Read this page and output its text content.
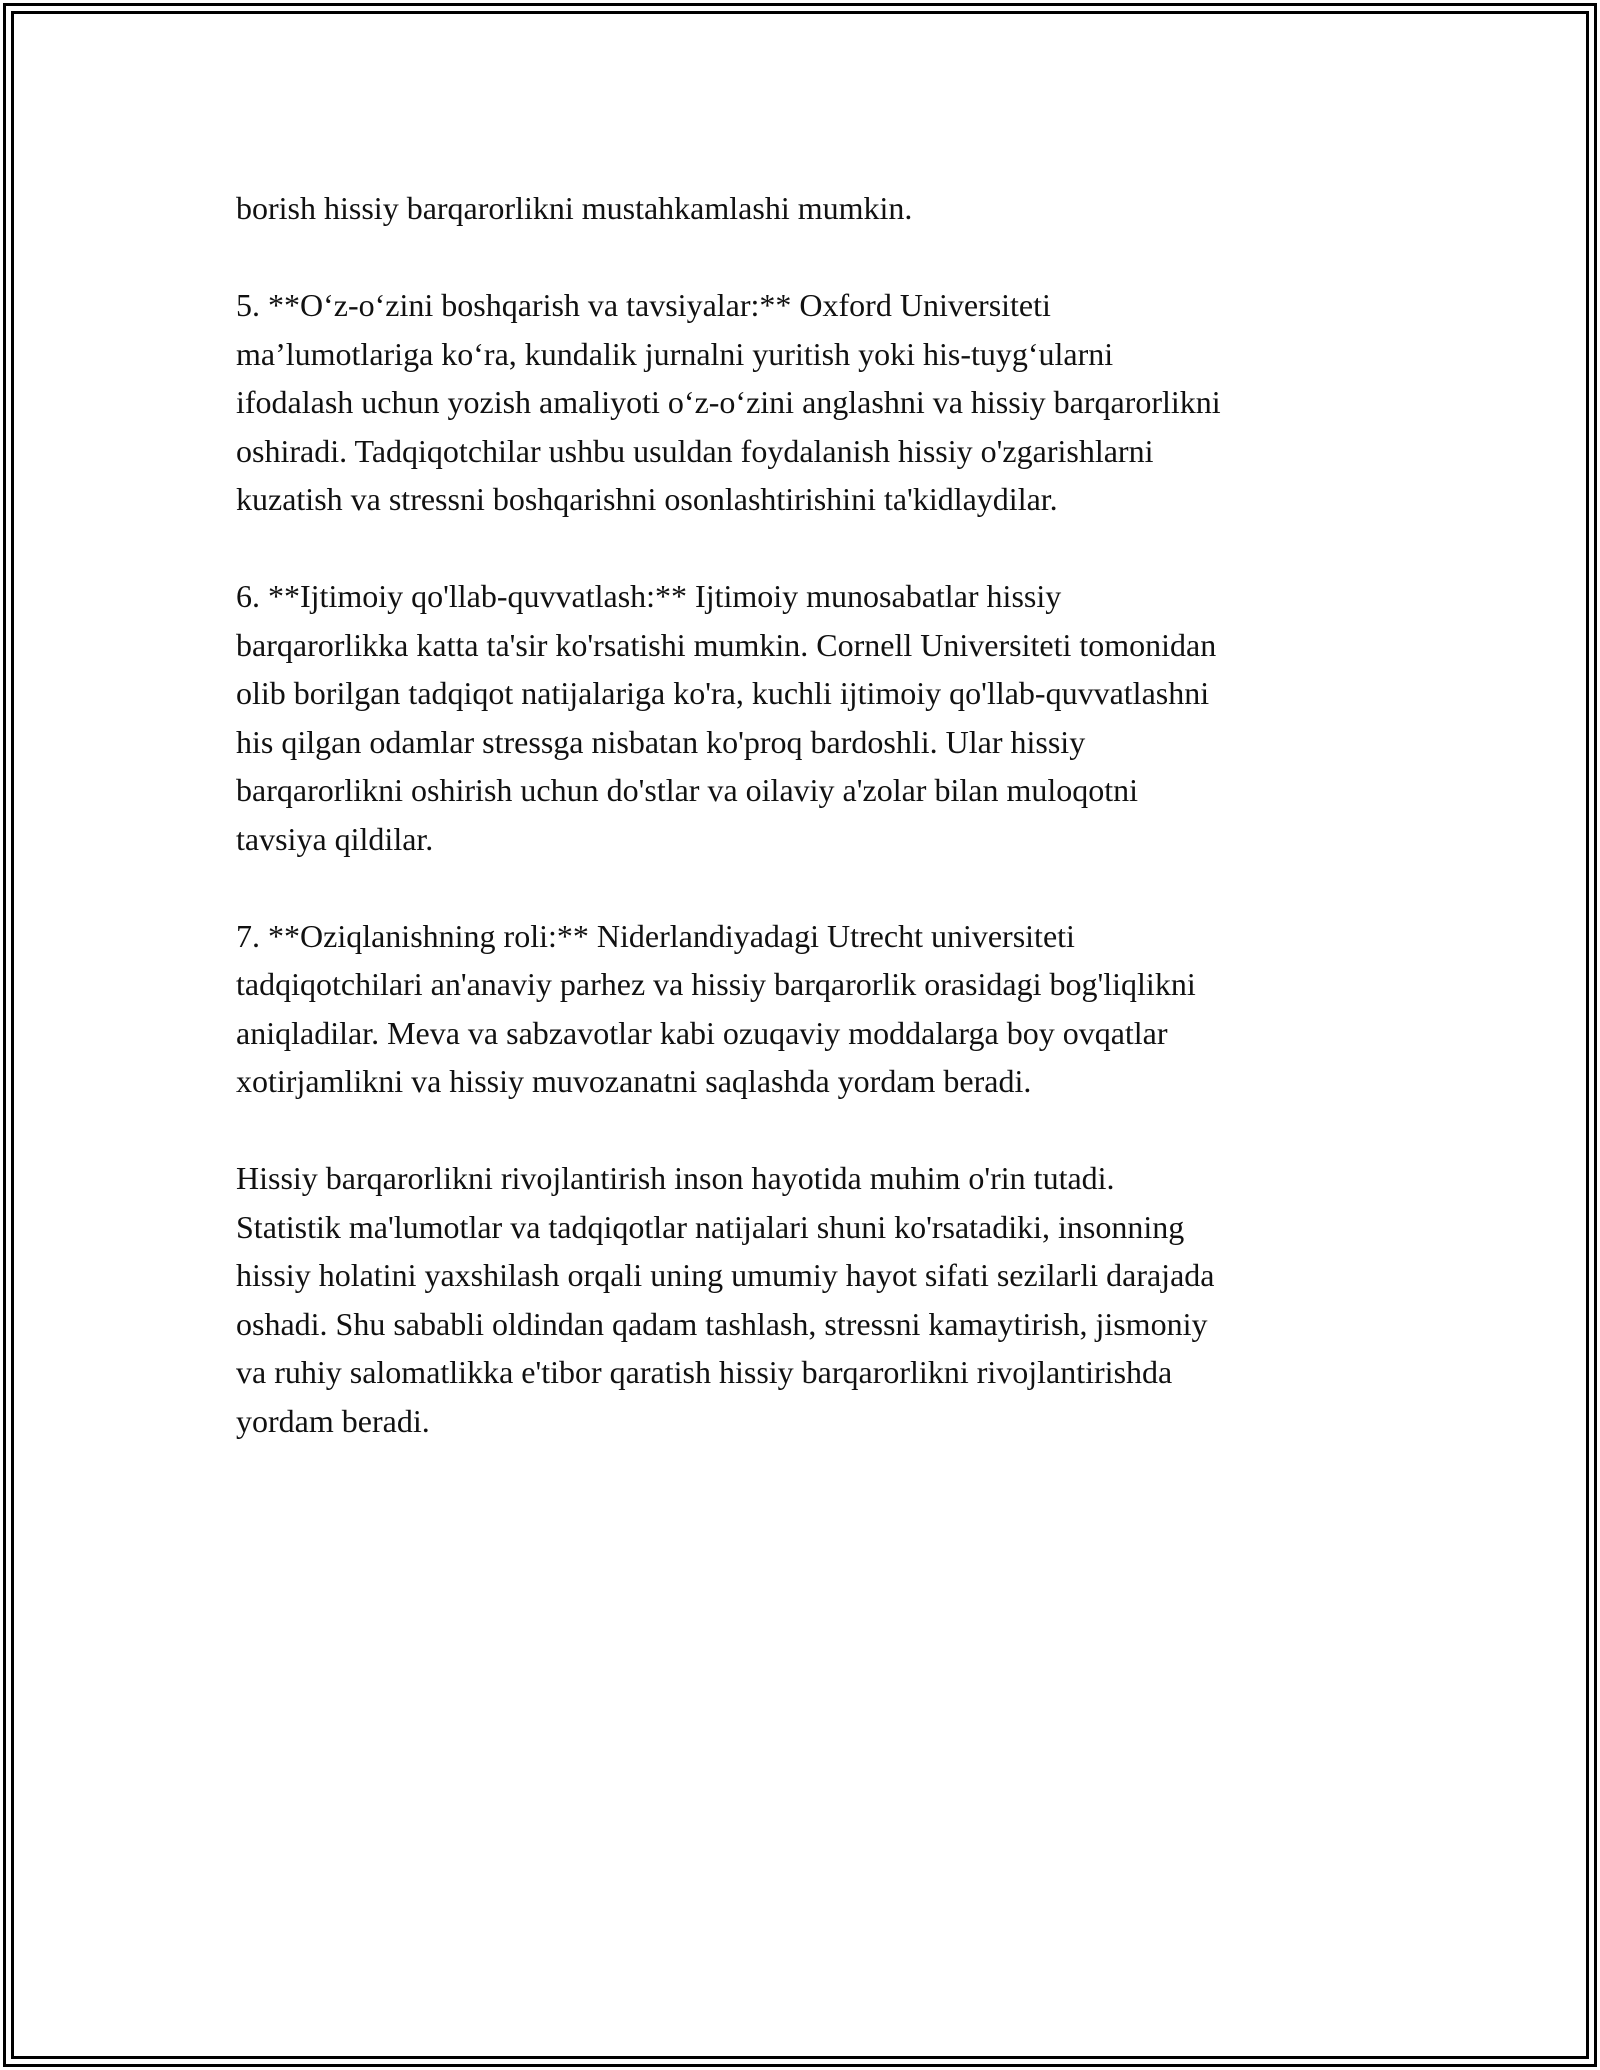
borish hissiy barqarorlikni mustahkamlashi mumkin.

5. **O‘z-o‘zini boshqarish va tavsiyalar:** Oxford Universiteti
ma’lumotlariga ko‘ra, kundalik jurnalni yuritish yoki his-tuyg‘ularni
ifodalash uchun yozish amaliyoti o‘z-o‘zini anglashni va hissiy barqarorlikni
oshiradi. Tadqiqotchilar ushbu usuldan foydalanish hissiy o'zgarishlarni
kuzatish va stressni boshqarishni osonlashtirishini ta'kidlaydilar.

6. **Ijtimoiy qo'llab-quvvatlash:** Ijtimoiy munosabatlar hissiy
barqarorlikka katta ta'sir ko'rsatishi mumkin. Cornell Universiteti tomonidan
olib borilgan tadqiqot natijalariga ko'ra, kuchli ijtimoiy qo'llab-quvvatlashni
his qilgan odamlar stressga nisbatan ko'proq bardoshli. Ular hissiy
barqarorlikni oshirish uchun do'stlar va oilaviy a'zolar bilan muloqotni
tavsiya qildilar.

7. **Oziqlanishning roli:** Niderlandiyadagi Utrecht universiteti
tadqiqotchilari an'anaviy parhez va hissiy barqarorlik orasidagi bog'liqlikni
aniqladilar. Meva va sabzavotlar kabi ozuqaviy moddalarga boy ovqatlar
xotirjamlikni va hissiy muvozanatni saqlashda yordam beradi.

Hissiy barqarorlikni rivojlantirish inson hayotida muhim o'rin tutadi.
Statistik ma'lumotlar va tadqiqotlar natijalari shuni ko'rsatadiki, insonning
hissiy holatini yaxshilash orqali uning umumiy hayot sifati sezilarli darajada
oshadi. Shu sababli oldindan qadam tashlash, stressni kamaytirish, jismoniy
va ruhiy salomatlikka e'tibor qaratish hissiy barqarorlikni rivojlantirishda
yordam beradi.
